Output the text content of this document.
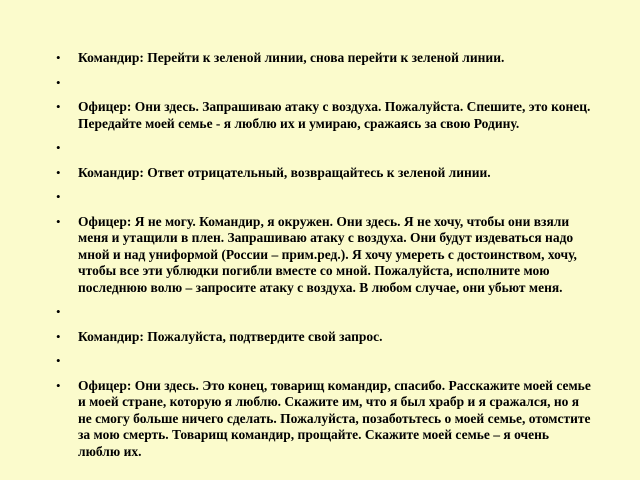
• Командир: Перейти к зеленой линии, снова перейти к зеленой линии.
•
• Офицер: Они здесь. Запрашиваю атаку с воздуха. Пожалуйста. Спешите, это конец. Передайте моей семье - я люблю их и умираю, сражаясь за свою Родину.
•
• Командир: Ответ отрицательный, возвращайтесь к зеленой линии.
•
• Офицер: Я не могу. Командир, я окружен. Они здесь. Я не хочу, чтобы они взяли меня и утащили в плен. Запрашиваю атаку с воздуха. Они будут издеваться надо мной и над униформой (России – прим.ред.). Я хочу умереть с достоинством, хочу, чтобы все эти ублюдки погибли вместе со мной. Пожалуйста, исполните мою последнюю волю – запросите атаку с воздуха. В любом случае, они убьют меня.
•
• Командир: Пожалуйста, подтвердите свой запрос.
•
• Офицер: Они здесь. Это конец, товарищ командир, спасибо. Расскажите моей семье и моей стране, которую я люблю. Скажите им, что я был храбр и я сражался, но я не смогу больше ничего сделать. Пожалуйста, позаботьтесь о моей семье, отомстите за мою смерть. Товарищ командир, прощайте. Скажите моей семье – я очень люблю их.
